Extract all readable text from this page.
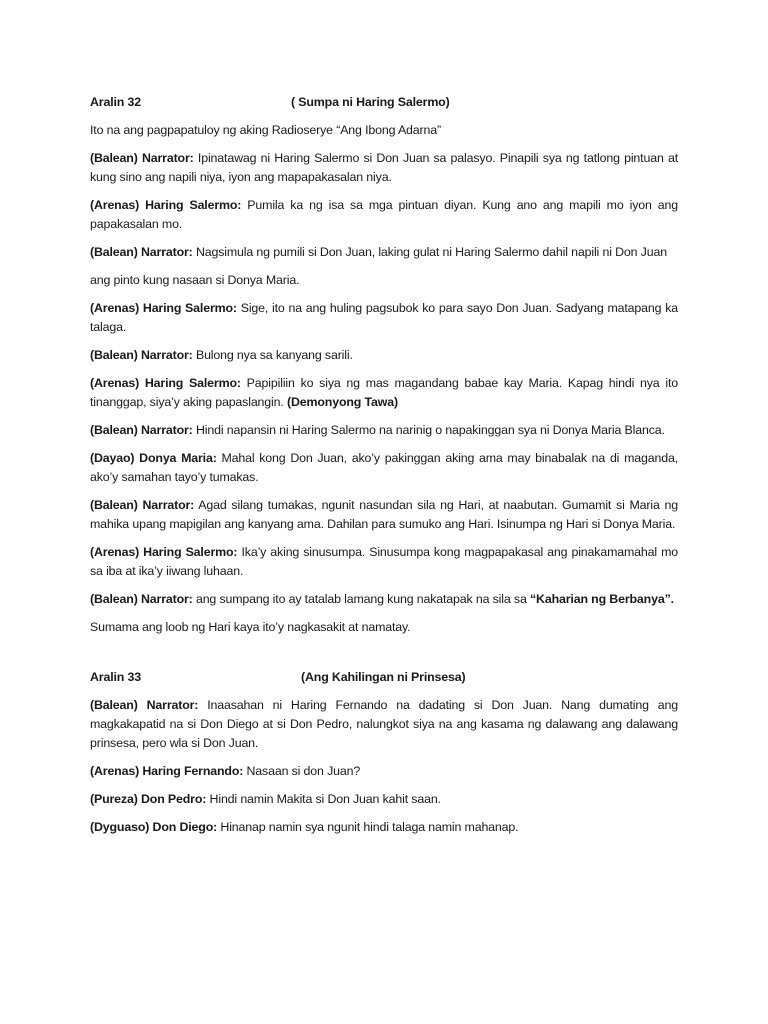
Aralin 32	( Sumpa ni Haring Salermo)

Ito na ang pagpapatuloy ng aking Radioserye “Ang Ibong Adarna”

(Balean) Narrator: Ipinatawag ni Haring Salermo si Don Juan sa palasyo. Pinapili sya ng tatlong pintuan at kung sino ang napili niya, iyon ang mapapakasalan niya.

(Arenas) Haring Salermo: Pumila ka ng isa sa mga pintuan diyan. Kung ano ang mapili mo iyon ang papakasalan mo.

(Balean) Narrator: Nagsimula ng pumili si Don Juan, laking gulat ni Haring Salermo dahil napili ni Don Juan

ang pinto kung nasaan si Donya Maria.

(Arenas) Haring Salermo: Sige, ito na ang huling pagsubok ko para sayo Don Juan. Sadyang matapang ka talaga.

(Balean) Narrator: Bulong nya sa kanyang sarili.

(Arenas) Haring Salermo: Papipiliin ko siya ng mas magandang babae kay Maria. Kapag hindi nya ito tinanggap, siya’y aking papaslangin. (Demonyong Tawa)

(Balean) Narrator: Hindi napansin ni Haring Salermo na narinig o napakinggan sya ni Donya Maria Blanca.

(Dayao) Donya Maria: Mahal kong Don Juan, ako’y pakinggan aking ama may binabalak na di maganda, ako’y samahan tayo’y tumakas.

(Balean) Narrator: Agad silang tumakas, ngunit nasundan sila ng Hari, at naabutan. Gumamit si Maria ng mahika upang mapigilan ang kanyang ama. Dahilan para sumuko ang Hari. Isinumpa ng Hari si Donya Maria.

(Arenas) Haring Salermo: Ika’y aking sinusumpa. Sinusumpa kong magpapakasal ang pinakamamahal mo sa iba at ika’y iiwang luhaan.

(Balean) Narrator: ang sumpang ito ay tatalab lamang kung nakatapak na sila sa “Kaharian ng Berbanya”.

Sumama ang loob ng Hari kaya ito’y nagkasakit at namatay.

Aralin 33	(Ang Kahilingan ni Prinsesa)

(Balean) Narrator: Inaasahan ni Haring Fernando na dadating si Don Juan. Nang dumating ang magkakapatid na si Don Diego at si Don Pedro, nalungkot siya na ang kasama ng dalawang ang dalawang prinsesa, pero wla si Don Juan.

(Arenas) Haring Fernando: Nasaan si don Juan?

(Pureza) Don Pedro: Hindi namin Makita si Don Juan kahit saan.

(Dyguaso) Don Diego: Hinanap namin sya ngunit hindi talaga namin mahanap.
